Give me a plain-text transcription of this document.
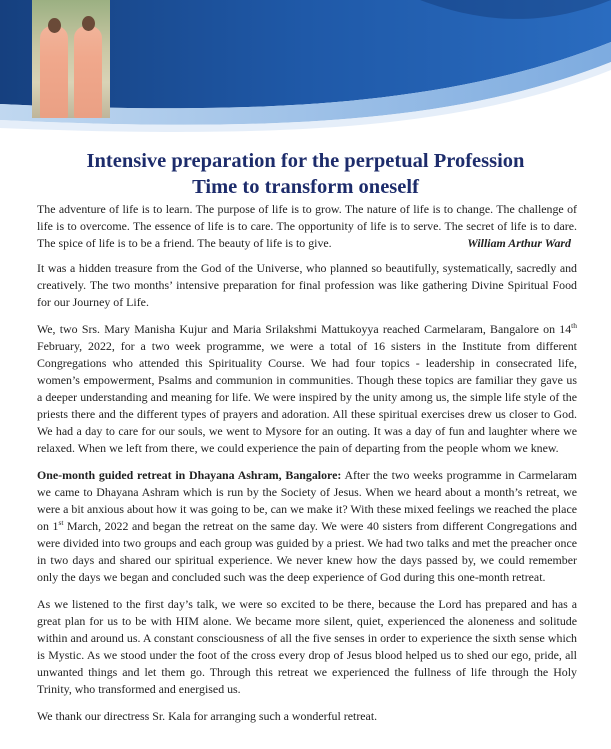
Intensive preparation for the perpetual Profession
Time to transform oneself

The adventure of life is to learn. The purpose of life is to grow. The nature of life is to change. The challenge of life is to overcome. The essence of life is to care. The opportunity of life is to serve. The secret of life is to dare. The spice of life is to be a friend. The beauty of life is to give.	William Arthur Ward

It was a hidden treasure from the God of the Universe, who planned so beautifully, systematically, sacredly and creatively. The two months’ intensive preparation for final profession was like gathering Divine Spiritual Food for our Journey of Life.

We, two Srs. Mary Manisha Kujur and Maria Srilakshmi Mattukoyya reached Carmelaram, Bangalore on 14th February, 2022, for a two week programme, we were a total of 16 sisters in the Institute from different Congregations who attended this Spirituality Course. We had four topics - leadership in consecrated life, women’s empowerment, Psalms and communion in communities. Though these topics are familiar they gave us a deeper understanding and meaning for life. We were inspired by the unity among us, the simple life style of the priests there and the different types of prayers and adoration. All these spiritual exercises drew us closer to God. We had a day to care for our souls, we went to Mysore for an outing. It was a day of fun and laughter where we relaxed. When we left from there, we could experience the pain of departing from the people whom we knew.

One-month guided retreat in Dhayana Ashram, Bangalore: After the two weeks programme in Carmelaram we came to Dhayana Ashram which is run by the Society of Jesus. When we heard about a month’s retreat, we were a bit anxious about how it was going to be, can we make it? With these mixed feelings we reached the place on 1st March, 2022 and began the retreat on the same day. We were 40 sisters from different Congregations and were divided into two groups and each group was guided by a priest. We had two talks and met the preacher once in two days and shared our spiritual experience. We never knew how the days passed by, we could remember only the days we began and concluded such was the deep experience of God during this one-month retreat.

As we listened to the first day’s talk, we were so excited to be there, because the Lord has prepared and has a great plan for us to be with HIM alone. We became more silent, quiet, experienced the aloneness and solitude within and around us. A constant consciousness of all the five senses in order to experience the sixth sense which is Mystic. As we stood under the foot of the cross every drop of Jesus blood helped us to shed our ego, pride, all unwanted things and let them go. Through this retreat we experienced the fullness of life through the Holy Trinity, who transformed and energised us.

We thank our directress Sr. Kala for arranging such a wonderful retreat.
